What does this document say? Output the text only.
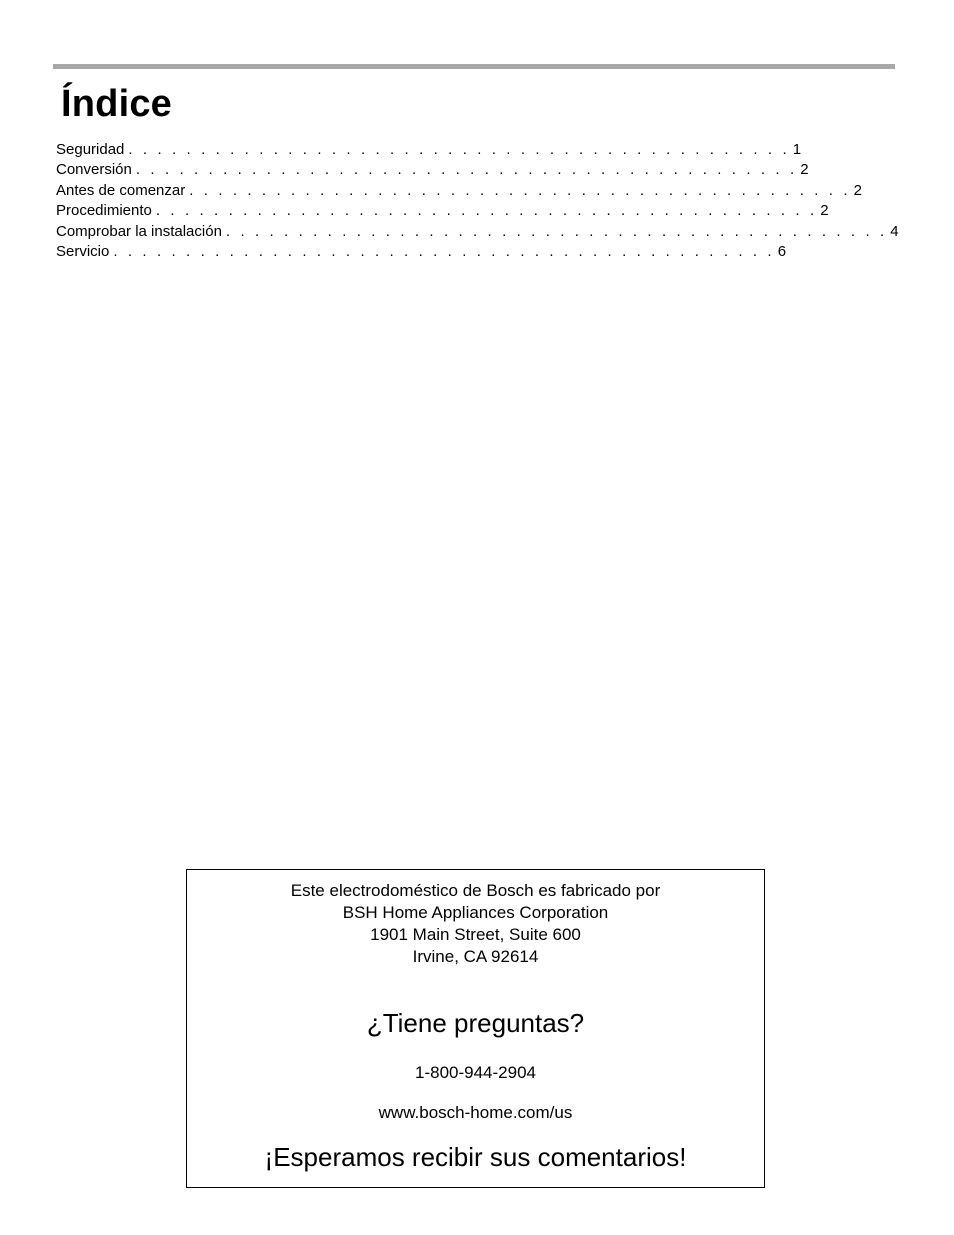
Índice
Seguridad . . . . . . . . . . . . . . . . . . . . . . . . . . . . . . . . . . . . . . . . . . . . . . 1
Conversión . . . . . . . . . . . . . . . . . . . . . . . . . . . . . . . . . . . . . . . . . . . . . . 2
Antes de comenzar . . . . . . . . . . . . . . . . . . . . . . . . . . . . . . . . . . . . . . . . . . . . . . 2
Procedimiento . . . . . . . . . . . . . . . . . . . . . . . . . . . . . . . . . . . . . . . . . . . . . . 2
Comprobar la instalación . . . . . . . . . . . . . . . . . . . . . . . . . . . . . . . . . . . . . . . . . . . . . . 4
Servicio . . . . . . . . . . . . . . . . . . . . . . . . . . . . . . . . . . . . . . . . . . . . . . 6
Este electrodoméstico de Bosch es fabricado por
BSH Home Appliances Corporation
1901 Main Street, Suite 600
Irvine, CA 92614
¿Tiene preguntas?
1-800-944-2904
www.bosch-home.com/us
¡Esperamos recibir sus comentarios!
